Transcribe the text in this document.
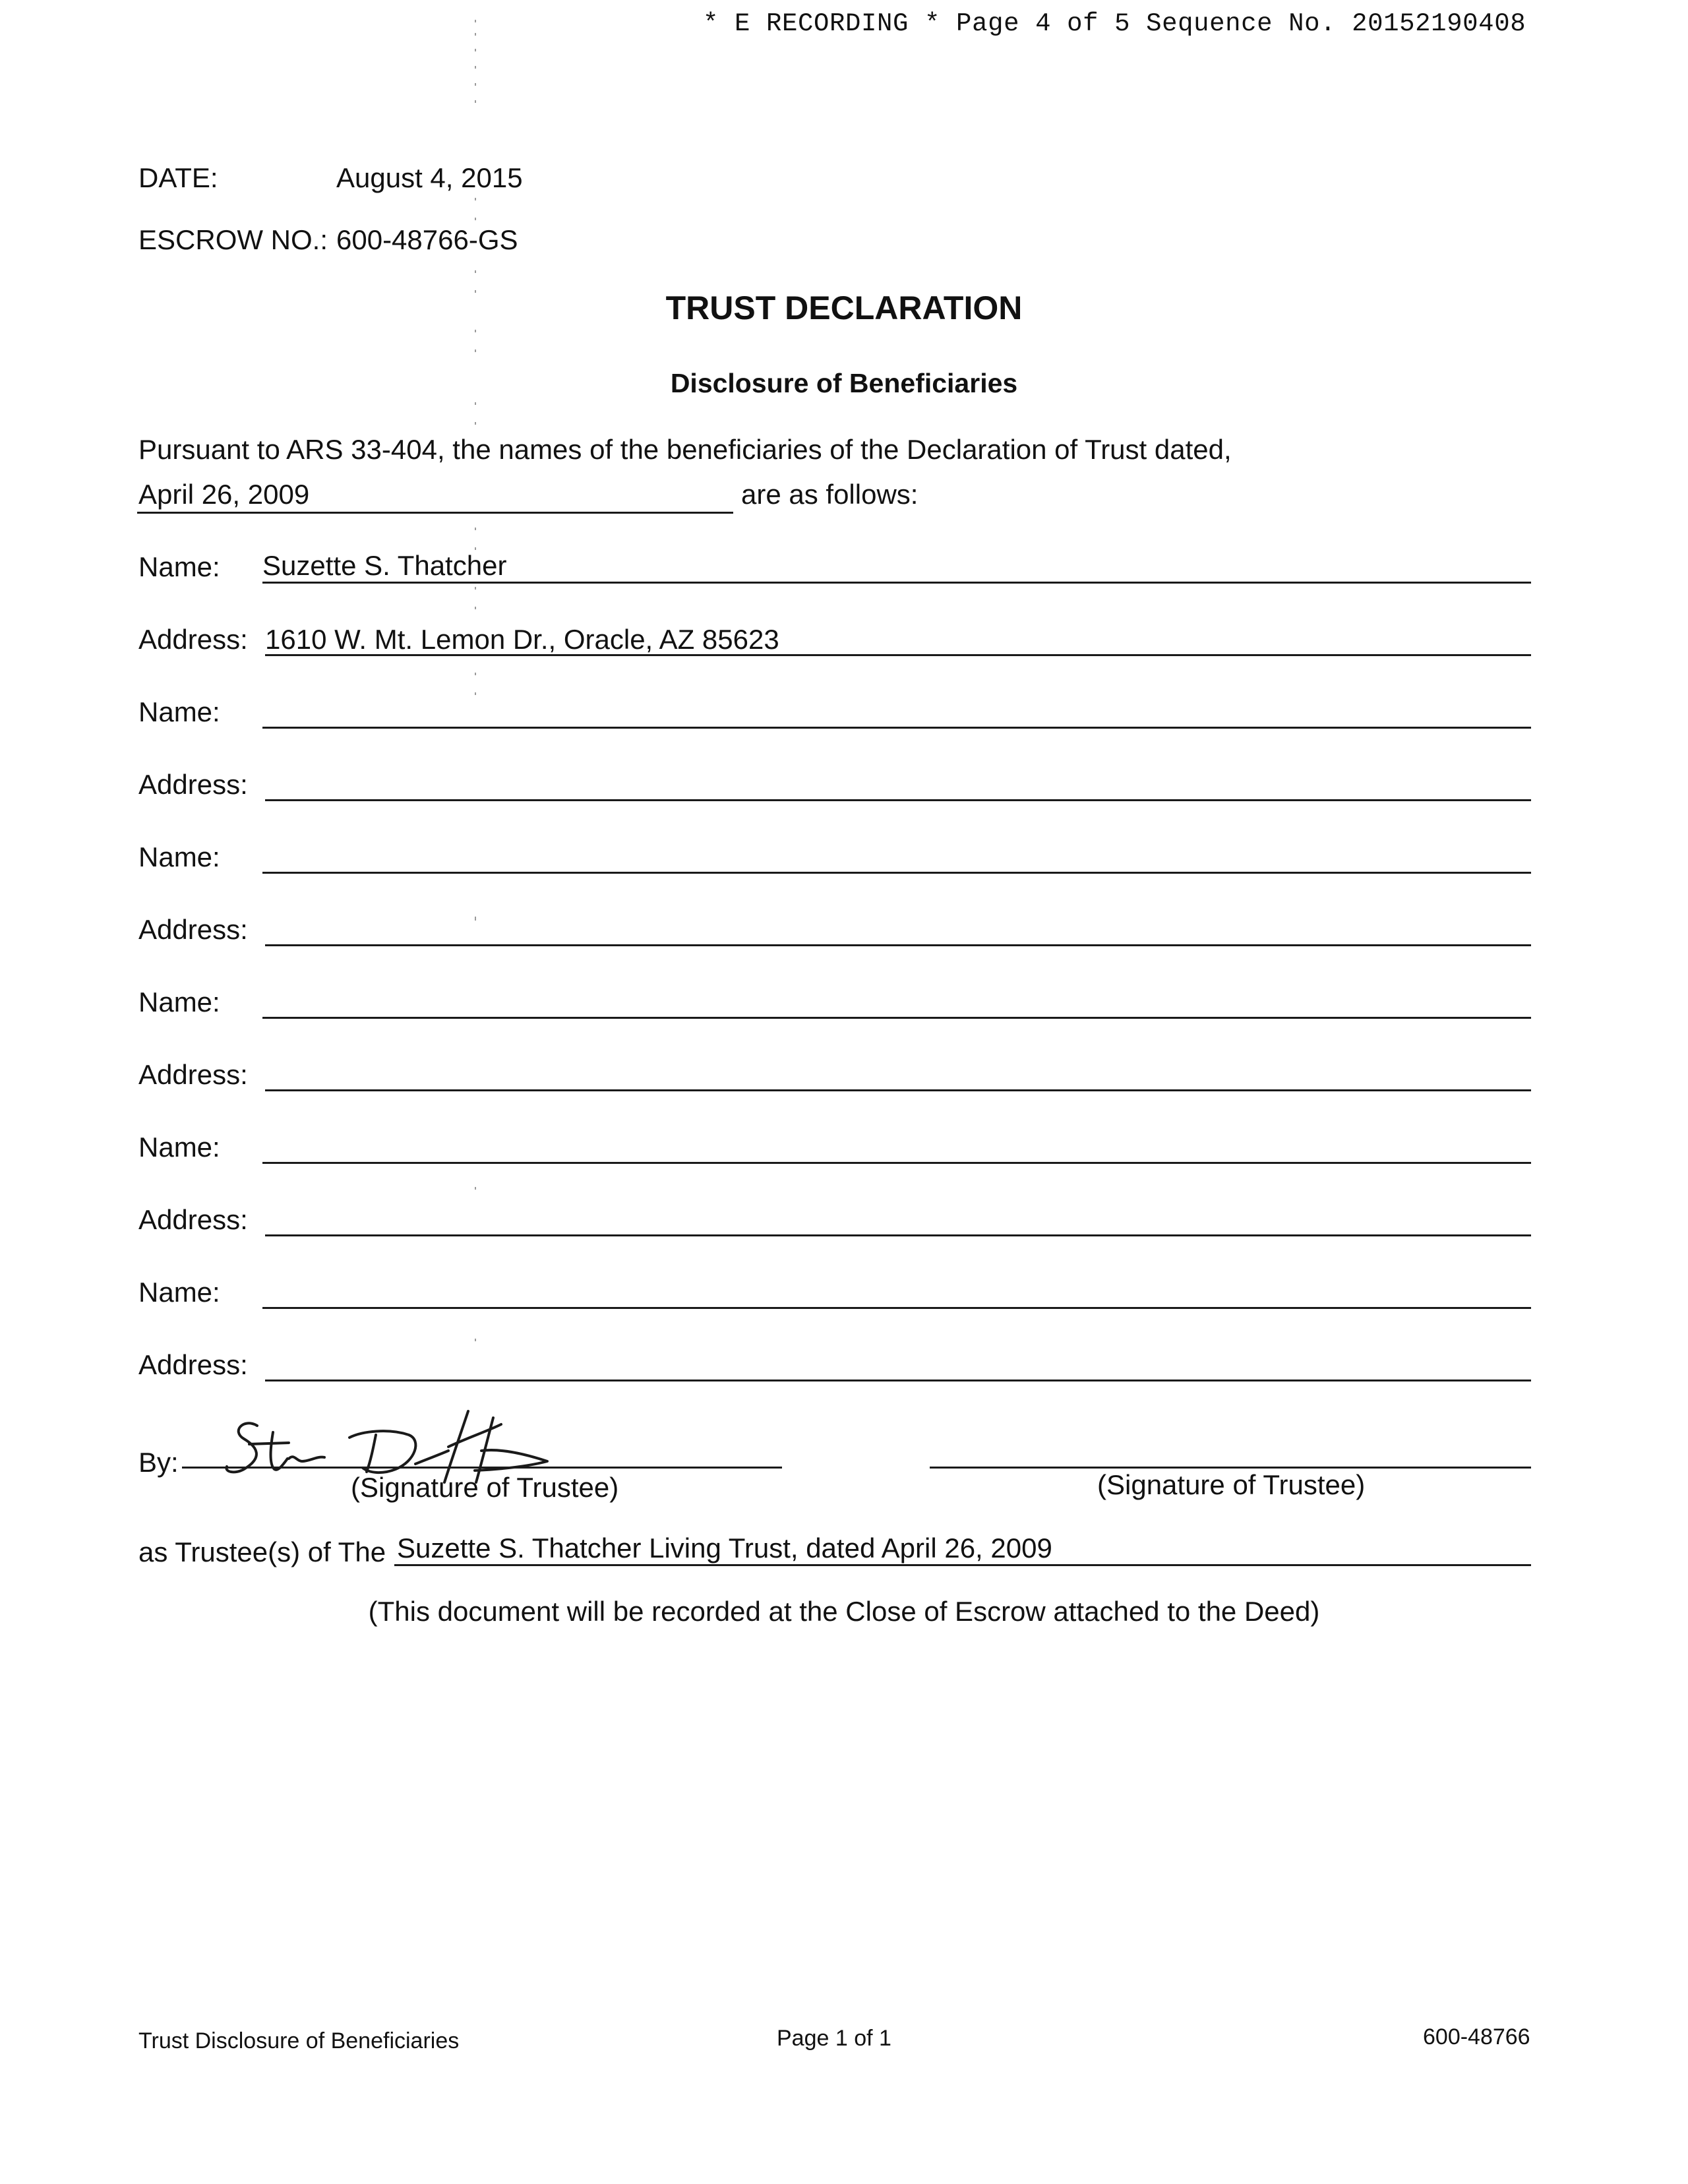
* E RECORDING * Page 4 of 5 Sequence No. 20152190408
DATE:	August 4, 2015
ESCROW NO.: 600-48766-GS
TRUST DECLARATION
Disclosure of Beneficiaries
Pursuant to ARS 33-404, the names of the beneficiaries of the Declaration of Trust dated,
April 26, 2009	are as follows:
Name: Suzette S. Thatcher
Address: 1610 W. Mt. Lemon Dr., Oracle, AZ 85623
Name:
Address:
Name:
Address:
Name:
Address:
Name:
Address:
Name:
Address:
By:
(Signature of Trustee)	(Signature of Trustee)
as Trustee(s) of The Suzette S. Thatcher Living Trust, dated April 26, 2009
(This document will be recorded at the Close of Escrow attached to the Deed)
Trust Disclosure of Beneficiaries	Page 1 of 1	600-48766
